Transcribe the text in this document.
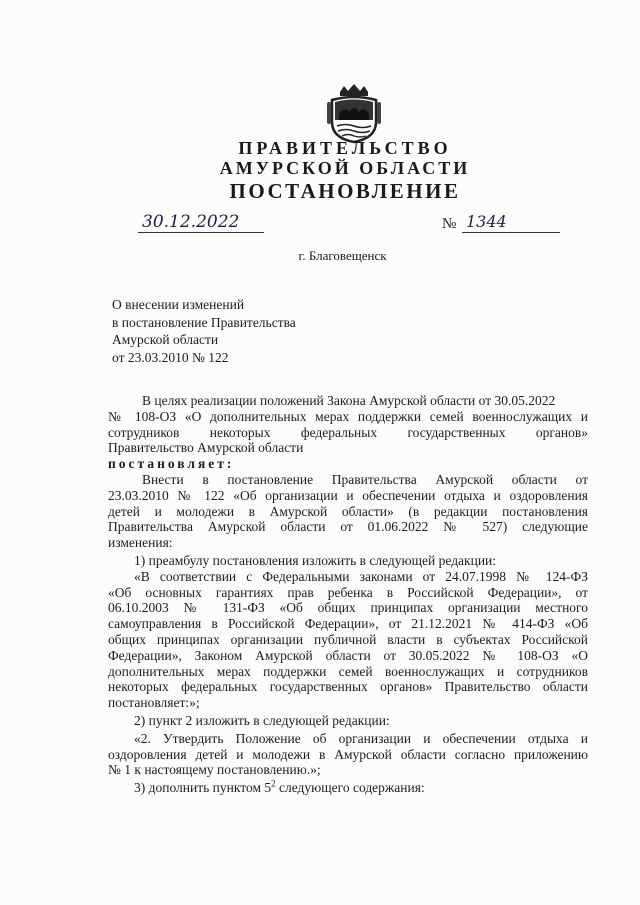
ПРАВИТЕЛЬСТВО
АМУРСКОЙ ОБЛАСТИ
ПОСТАНОВЛЕНИЕ
30.12.2022	№ 1344
г. Благовещенск
О внесении изменений
в постановление Правительства
Амурской области
от 23.03.2010 № 122
В целях реализации положений Закона Амурской области от 30.05.2022
№ 108-ОЗ «О дополнительных мерах поддержки семей военнослужащих и
сотрудников некоторых федеральных государственных органов»
Правительство Амурской области
постановляет:
Внести в постановление Правительства Амурской области от
23.03.2010 № 122 «Об организации и обеспечении отдыха и оздоровления
детей и молодежи в Амурской области» (в редакции постановления
Правительства Амурской области от 01.06.2022 № 527) следующие
изменения:
1) преамбулу постановления изложить в следующей редакции:
«В соответствии с Федеральными законами от 24.07.1998 № 124-ФЗ
«Об основных гарантиях прав ребенка в Российской Федерации», от
06.10.2003 № 131-ФЗ «Об общих принципах организации местного
самоуправления в Российской Федерации», от 21.12.2021 № 414-ФЗ «Об
общих принципах организации публичной власти в субъектах Российской
Федерации», Законом Амурской области от 30.05.2022 № 108-ОЗ «О
дополнительных мерах поддержки семей военнослужащих и сотрудников
некоторых федеральных государственных органов» Правительство области
постановляет:»;
2) пункт 2 изложить в следующей редакции:
«2. Утвердить Положение об организации и обеспечении отдыха и
оздоровления детей и молодежи в Амурской области согласно приложению
№ 1 к настоящему постановлению.»;
3) дополнить пунктом $5^2$ следующего содержания:
